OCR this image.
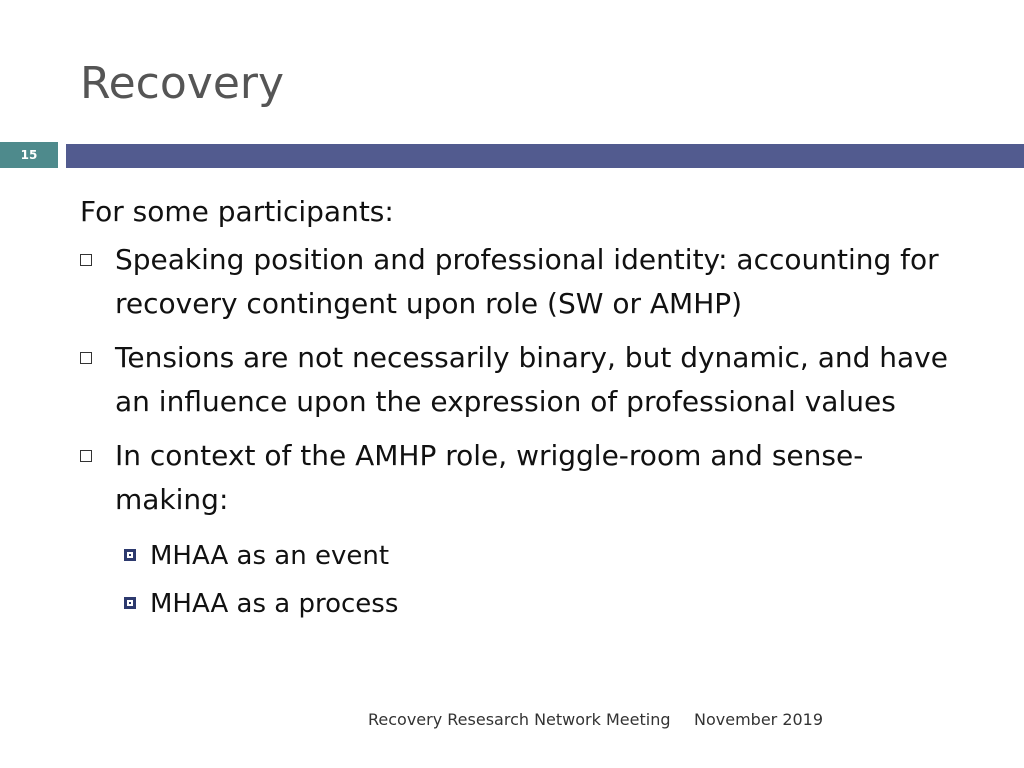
Recovery
15
For some participants:
Speaking position and professional identity: accounting for recovery contingent upon role (SW or AMHP)
Tensions are not necessarily binary, but dynamic, and have an influence upon the expression of professional values
In context of the AMHP role, wriggle-room and sense-making:
MHAA as an event
MHAA as a process
Recovery Resesarch Network Meeting November 2019
